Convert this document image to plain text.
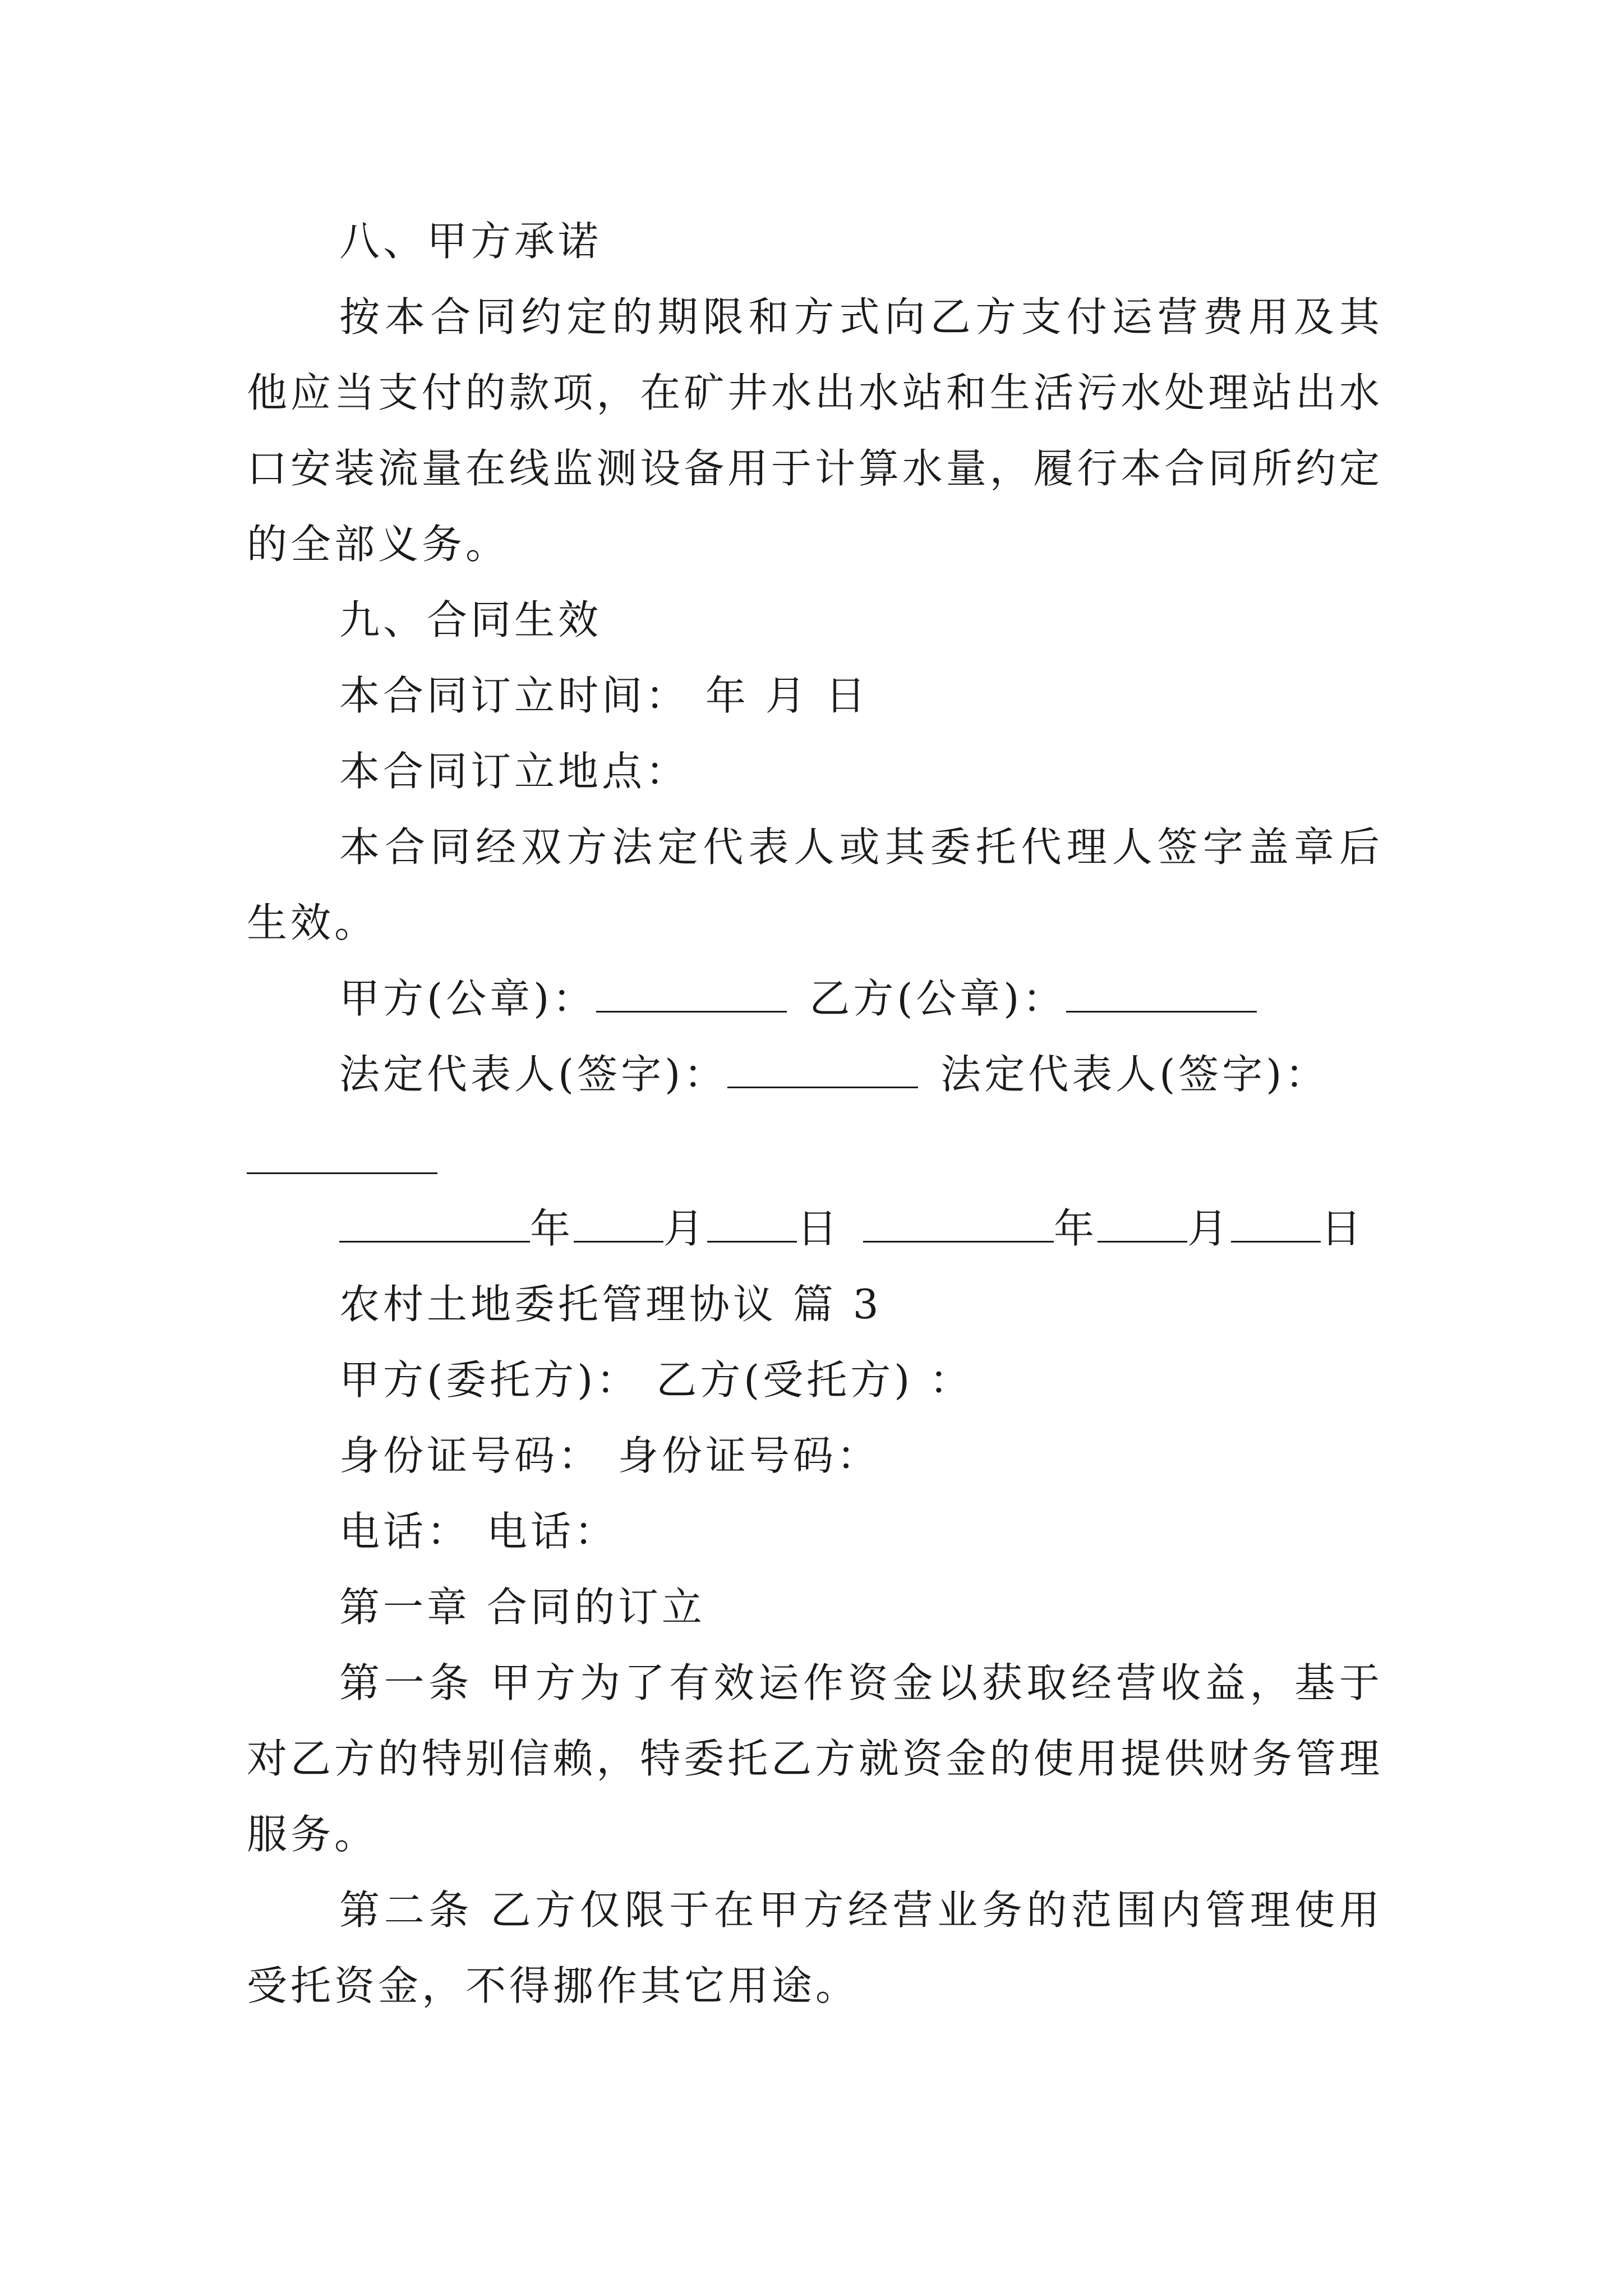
八、甲方承诺
按本合同约定的期限和方式向乙方支付运营费用及其
他应当支付的款项，在矿井水出水站和生活污水处理站出水
口安装流量在线监测设备用于计算水量，履行本合同所约定
的全部义务。
九、合同生效
本合同订立时间： 年 月 日
本合同订立地点：
本合同经双方法定代表人或其委托代理人签字盖章后
生效。
甲方(公章)：	乙方(公章)：
法定代表人(签字)：	法定代表人(签字)：
年 月 日	年 月 日
农村土地委托管理协议 篇 3
甲方(委托方)： 乙方(受托方) ：
身份证号码： 身份证号码：
电话： 电话：
第一章 合同的订立
第一条 甲方为了有效运作资金以获取经营收益，基于
对乙方的特别信赖，特委托乙方就资金的使用提供财务管理
服务。
第二条 乙方仅限于在甲方经营业务的范围内管理使用
受托资金，不得挪作其它用途。
